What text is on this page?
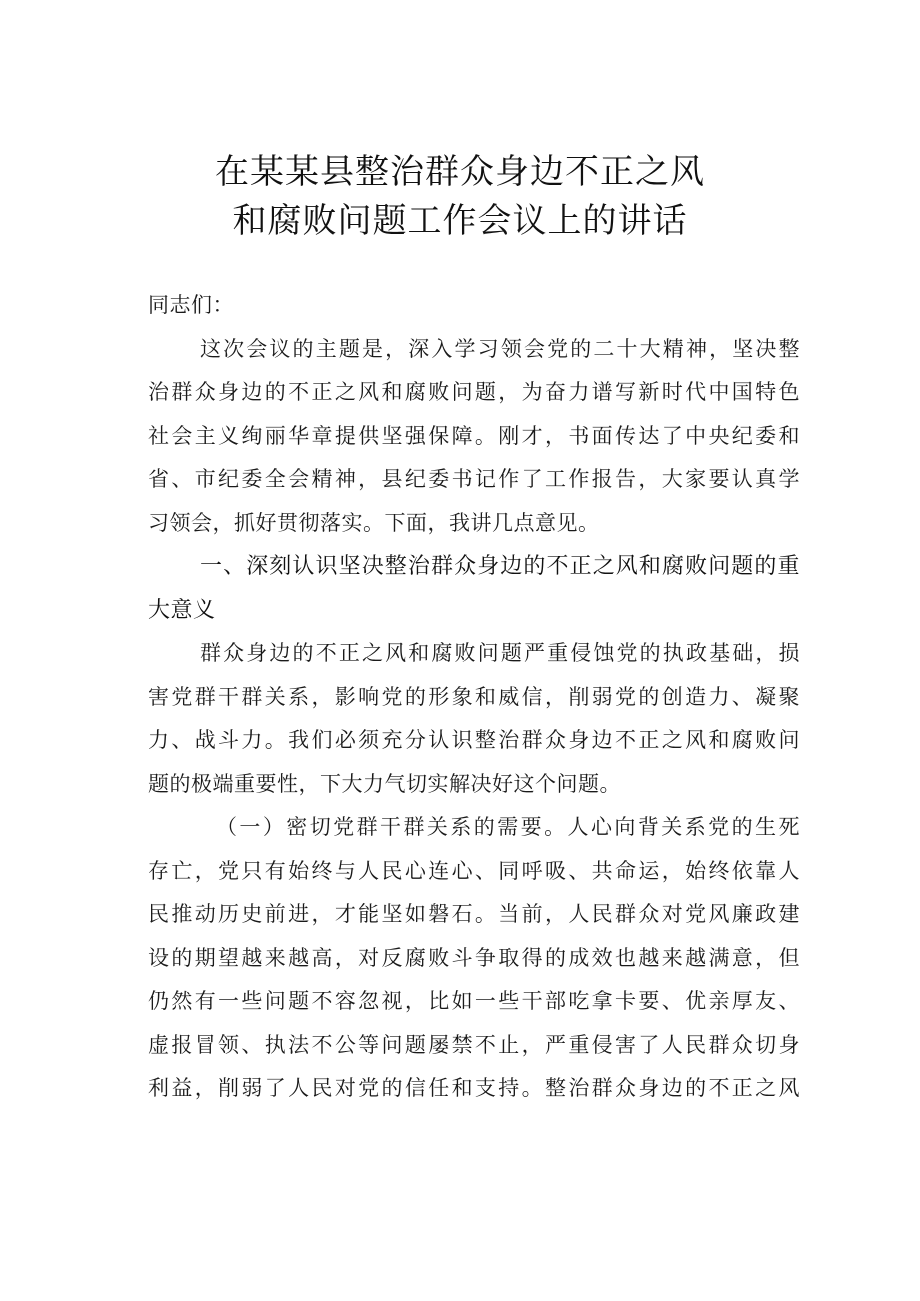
在某某县整治群众身边不正之风
和腐败问题工作会议上的讲话
同志们：
这次会议的主题是，深入学习领会党的二十大精神，坚决整
治群众身边的不正之风和腐败问题，为奋力谱写新时代中国特色
社会主义绚丽华章提供坚强保障。刚才，书面传达了中央纪委和
省、市纪委全会精神，县纪委书记作了工作报告，大家要认真学
习领会，抓好贯彻落实。下面，我讲几点意见。
一、深刻认识坚决整治群众身边的不正之风和腐败问题的重
大意义
群众身边的不正之风和腐败问题严重侵蚀党的执政基础，损
害党群干群关系，影响党的形象和威信，削弱党的创造力、凝聚
力、战斗力。我们必须充分认识整治群众身边不正之风和腐败问
题的极端重要性，下大力气切实解决好这个问题。
（一）密切党群干群关系的需要。人心向背关系党的生死
存亡，党只有始终与人民心连心、同呼吸、共命运，始终依靠人
民推动历史前进，才能坚如磐石。当前，人民群众对党风廉政建
设的期望越来越高，对反腐败斗争取得的成效也越来越满意，但
仍然有一些问题不容忽视，比如一些干部吃拿卡要、优亲厚友、
虚报冒领、执法不公等问题屡禁不止，严重侵害了人民群众切身
利益，削弱了人民对党的信任和支持。整治群众身边的不正之风
